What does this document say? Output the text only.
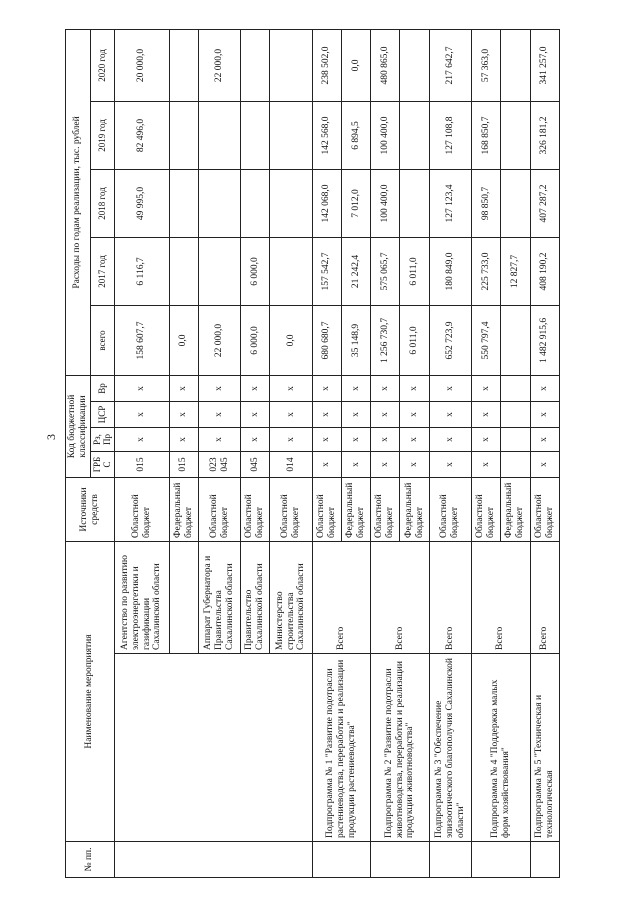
3
№ пп.	Наименование мероприятия		Источники средств	Код бюджетной классификации				Расходы по годам реализации, тыс. рублей				
				ГРБ С	Рз, Пр	ЦСР	Вр	всего	2017 год	2018 год	2019 год	2020 год
		Агентство по развитию электроэнергетики и газификации Сахалинской области	Областной бюджет	015	х	х	х	158 607,7	6 116,7	49 995,0	82 496,0	20 000,0
			Федеральный бюджет	015	х	х	х	0,0				
		Аппарат Губернатора и Правительства Сахалинской области	Областной бюджет	023 045	х	х	х	22 000,0				22 000,0
		Правительство Сахалинской области	Областной бюджет	045	х	х	х	6 000,0	6 000,0			
		Министерство строительства Сахалинской области	Областной бюджет	014	х	х	х	0,0				
	Подпрограмма № 1 "Развитие подотрасли растениеводства, переработки и реализации продукции растениеводства"	Всего	Областной бюджет	х	х	х	х	680 680,7	157 542,7	142 068,0	142 568,0	238 502,0
			Федеральный бюджет	х	х	х	х	35 148,9	21 242,4	7 012,0	6 894,5	0,0
	Подпрограмма № 2 "Развитие подотрасли животноводства, переработки и реализации продукции животноводства"	Всего	Областной бюджет	х	х	х	х	1 256 730,7	575 065,7	100 400,0	100 400,0	480 865,0
			Федеральный бюджет	х	х	х	х	6 011,0	6 011,0			
	Подпрограмма № 3 "Обеспечение эпизоотического благополучия Сахалинской области"	Всего	Областной бюджет	х	х	х	х	652 723,9	180 849,0	127 123,4	127 108,8	217 642,7
	Подпрограмма № 4 "Поддержка малых форм хозяйствования"	Всего	Областной бюджет	х	х	х	х	550 797,4	225 733,0	98 850,7	168 850,7	57 363,0
			Федеральный бюджет						12 827,7			
	Подпрограмма № 5 "Техническая и технологическая	Всего	Областной бюджет	х	х	х	х	1 482 915,6	408 190,2	407 287,2	326 181,2	341 257,0
